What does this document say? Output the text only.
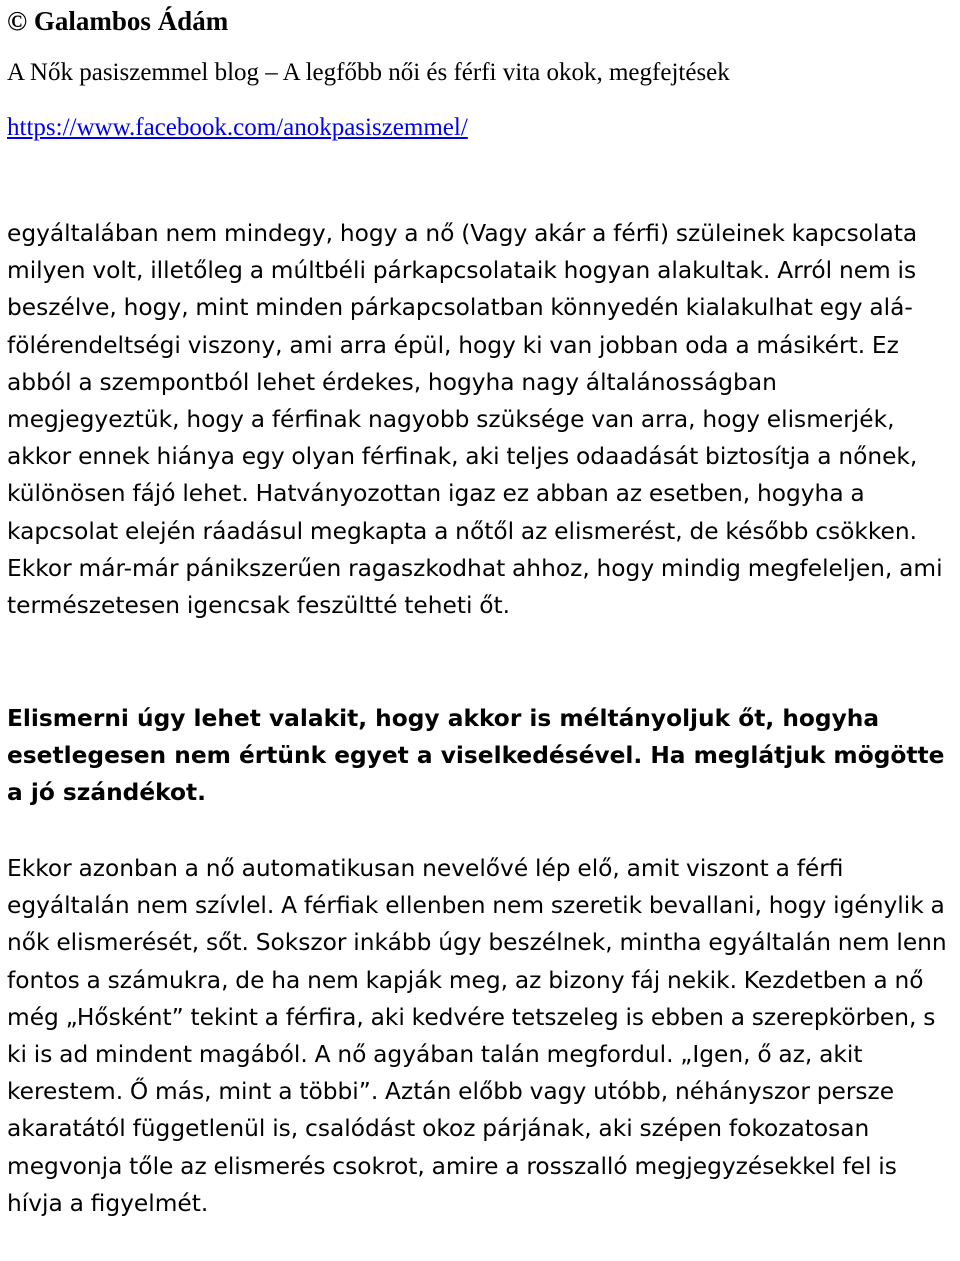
© Galambos Ádám
A Nők pasiszemmel blog – A legfőbb női és férfi vita okok, megfejtések
https://www.facebook.com/anokpasiszemmel/

egyáltalában nem mindegy, hogy a nő (Vagy akár a férfi) szüleinek kapcsolata milyen volt, illetőleg a múltbéli párkapcsolataik hogyan alakultak. Arról nem is beszélve, hogy, mint minden párkapcsolatban könnyedén kialakulhat egy alá-fölérendeltségi viszony, ami arra épül, hogy ki van jobban oda a másikért. Ez abból a szempontból lehet érdekes, hogyha nagy általánosságban megjegyeztük, hogy a férfinak nagyobb szüksége van arra, hogy elismerjék, akkor ennek hiánya egy olyan férfinak, aki teljes odaadását biztosítja a nőnek, különösen fájó lehet. Hatványozottan igaz ez abban az esetben, hogyha a kapcsolat elején ráadásul megkapta a nőtől az elismerést, de később csökken. Ekkor már-már pánikszerűen ragaszkodhat ahhoz, hogy mindig megfeleljen, ami természetesen igencsak feszültté teheti őt.

Elismerni úgy lehet valakit, hogy akkor is méltányoljuk őt, hogyha esetlegesen nem értünk egyet a viselkedésével. Ha meglátjuk mögötte a jó szándékot.

Ekkor azonban a nő automatikusan nevelővé lép elő, amit viszont a férfi egyáltalán nem szívlel. A férfiak ellenben nem szeretik bevallani, hogy igénylik a nők elismerését, sőt. Sokszor inkább úgy beszélnek, mintha egyáltalán nem lenn fontos a számukra, de ha nem kapják meg, az bizony fáj nekik. Kezdetben a nő még „Hősként” tekint a férfira, aki kedvére tetszeleg is ebben a szerepkörben, s ki is ad mindent magából. A nő agyában talán megfordul. „Igen, ő az, akit kerestem. Ő más, mint a többi”. Aztán előbb vagy utóbb, néhányszor persze akaratától függetlenül is, csalódást okoz párjának, aki szépen fokozatosan megvonja tőle az elismerés csokrot, amire a rosszalló megjegyzésekkel fel is hívja a figyelmét.
